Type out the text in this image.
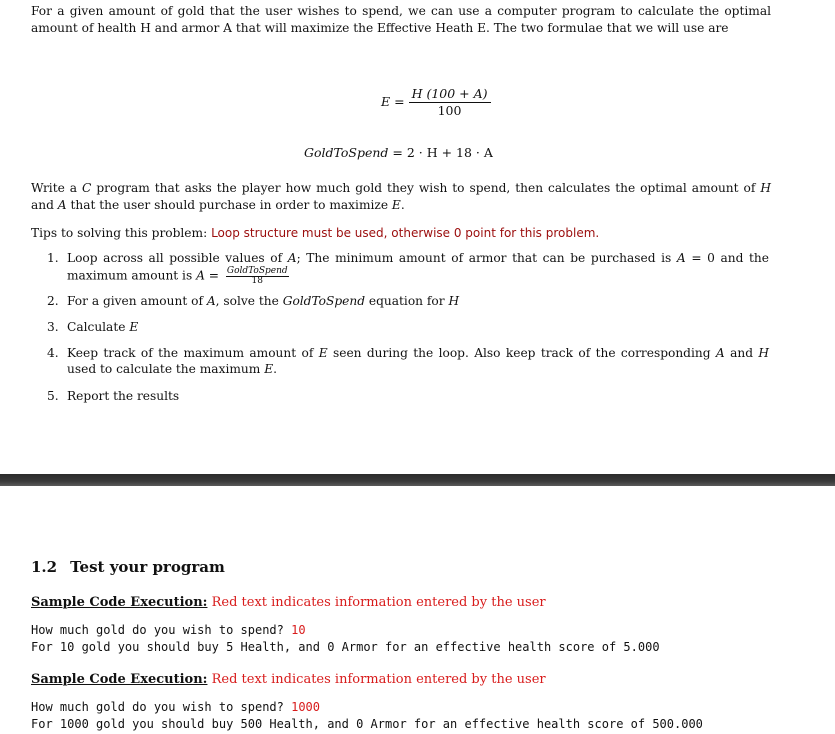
For a given amount of gold that the user wishes to spend, we can use a computer program to calculate the optimal amount of health H and armor A that will maximize the Effective Heath E. The two formulae that we will use are
$E = \frac{H (100 + A)}{100}$
GoldToSpend = 2 · H + 18 · A
Write a C program that asks the player how much gold they wish to spend, then calculates the optimal amount of H and A that the user should purchase in order to maximize E.
Tips to solving this problem: Loop structure must be used, otherwise 0 point for this problem.
1. Loop across all possible values of A; The minimum amount of armor that can be purchased is A = 0 and the maximum amount is $A = \frac{\text{GoldToSpend}}{18}$
2. For a given amount of A, solve the GoldToSpend equation for H
3. Calculate E
4. Keep track of the maximum amount of E seen during the loop. Also keep track of the corresponding A and H used to calculate the maximum E.
5. Report the results
1.2 Test your program
Sample Code Execution: Red text indicates information entered by the user
How much gold do you wish to spend? 10
For 10 gold you should buy 5 Health, and 0 Armor for an effective health score of 5.000
Sample Code Execution: Red text indicates information entered by the user
How much gold do you wish to spend? 1000
For 1000 gold you should buy 500 Health, and 0 Armor for an effective health score of 500.000
